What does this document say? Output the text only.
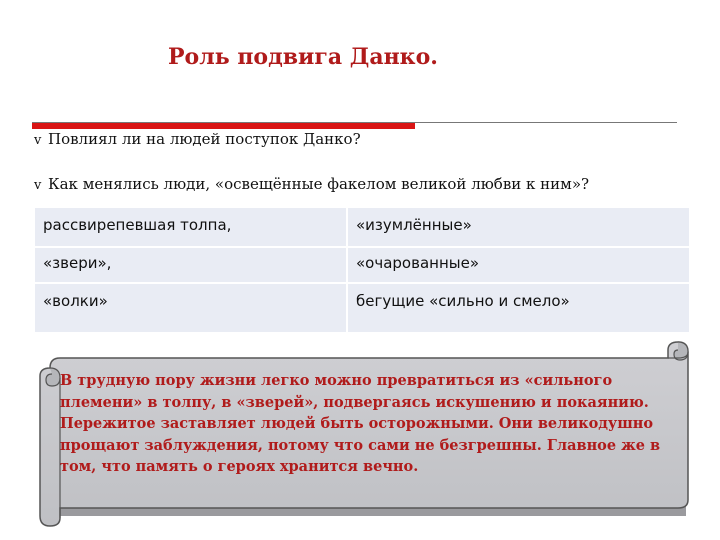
Роль подвига Данко.
v Повлиял ли на людей поступок Данко?
v Как менялись люди, «освещённые факелом великой любви к ним»?
рассвирепевшая толпа,	«изумлённые»
«звери»,	«очарованные»
«волки»	бегущие «сильно и смело»
В трудную пору жизни легко можно превратиться из «сильного племени» в толпу, в «зверей», подвергаясь искушению и покаянию. Пережитое заставляет людей быть осторожными. Они великодушно прощают заблуждения, потому что сами не безгрешны. Главное же в том, что память о героях хранится вечно.
